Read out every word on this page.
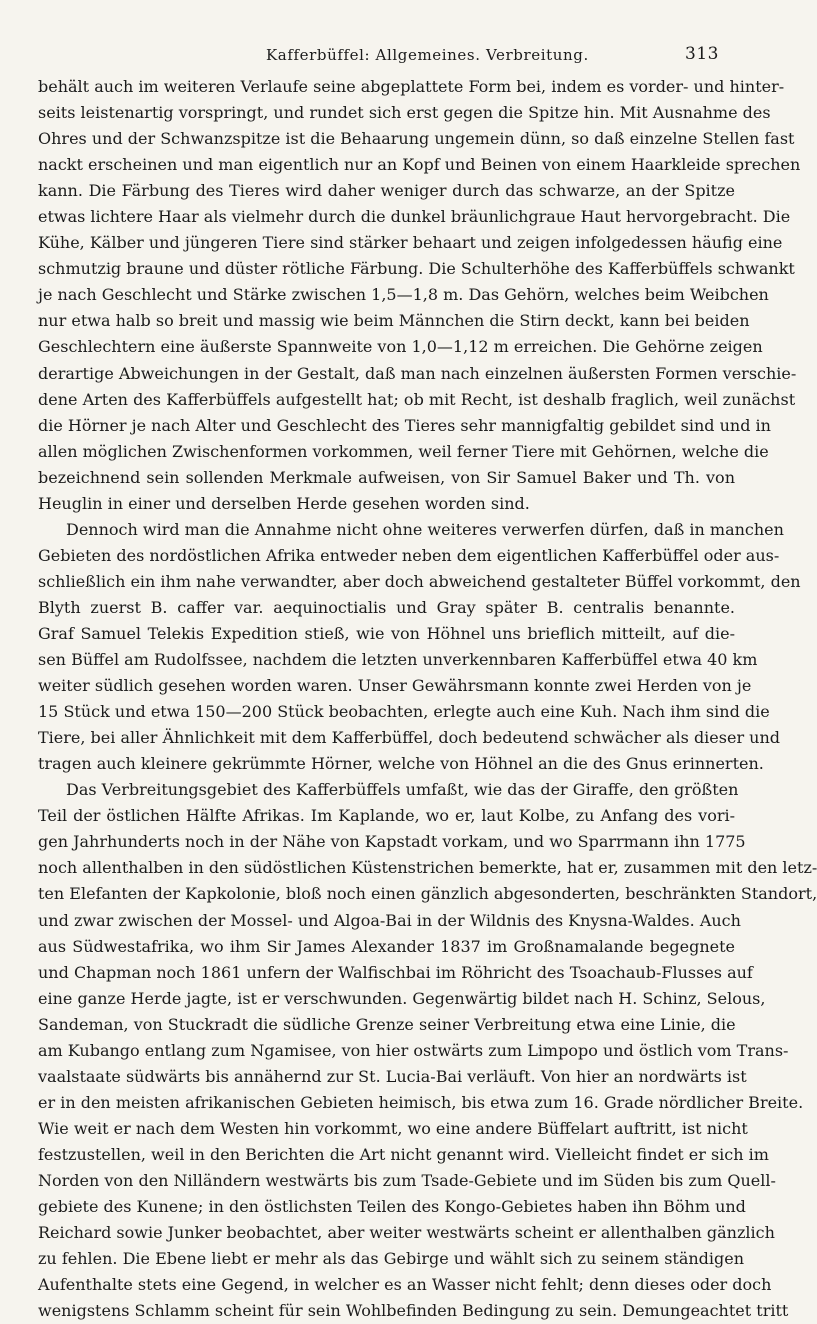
Kafferbüffel: Allgemeines. Verbreitung.	313
behält auch im weiteren Verlaufe seine abgeplattete Form bei, indem es vorder- und hinter-
seits leistenartig vorspringt, und rundet sich erst gegen die Spitze hin. Mit Ausnahme des
Ohres und der Schwanzspitze ist die Behaarung ungemein dünn, so daß einzelne Stellen fast
nackt erscheinen und man eigentlich nur an Kopf und Beinen von einem Haarkleide sprechen
kann. Die Färbung des Tieres wird daher weniger durch das schwarze, an der Spitze
etwas lichtere Haar als vielmehr durch die dunkel bräunlichgraue Haut hervorgebracht. Die
Kühe, Kälber und jüngeren Tiere sind stärker behaart und zeigen infolgedessen häufig eine
schmutzig braune und düster rötliche Färbung. Die Schulterhöhe des Kafferbüffels schwankt
je nach Geschlecht und Stärke zwischen 1,5—1,8 m. Das Gehörn, welches beim Weibchen
nur etwa halb so breit und massig wie beim Männchen die Stirn deckt, kann bei beiden
Geschlechtern eine äußerste Spannweite von 1,0—1,12 m erreichen. Die Gehörne zeigen
derartige Abweichungen in der Gestalt, daß man nach einzelnen äußersten Formen verschie-
dene Arten des Kafferbüffels aufgestellt hat; ob mit Recht, ist deshalb fraglich, weil zunächst
die Hörner je nach Alter und Geschlecht des Tieres sehr mannigfaltig gebildet sind und in
allen möglichen Zwischenformen vorkommen, weil ferner Tiere mit Gehörnen, welche die
bezeichnend sein sollenden Merkmale aufweisen, von Sir Samuel Baker und Th. von
Heuglin in einer und derselben Herde gesehen worden sind.
Dennoch wird man die Annahme nicht ohne weiteres verwerfen dürfen, daß in manchen
Gebieten des nordöstlichen Afrika entweder neben dem eigentlichen Kafferbüffel oder aus-
schließlich ein ihm nahe verwandter, aber doch abweichend gestalteter Büffel vorkommt, den
Blyth zuerst B. caffer var. aequinoctialis und Gray später B. centralis benannte.
Graf Samuel Telekis Expedition stieß, wie von Höhnel uns brieflich mitteilt, auf die-
sen Büffel am Rudolfssee, nachdem die letzten unverkennbaren Kafferbüffel etwa 40 km
weiter südlich gesehen worden waren. Unser Gewährsmann konnte zwei Herden von je
15 Stück und etwa 150—200 Stück beobachten, erlegte auch eine Kuh. Nach ihm sind die
Tiere, bei aller Ähnlichkeit mit dem Kafferbüffel, doch bedeutend schwächer als dieser und
tragen auch kleinere gekrümmte Hörner, welche von Höhnel an die des Gnus erinnerten.
Das Verbreitungsgebiet des Kafferbüffels umfaßt, wie das der Giraffe, den größten
Teil der östlichen Hälfte Afrikas. Im Kaplande, wo er, laut Kolbe, zu Anfang des vori-
gen Jahrhunderts noch in der Nähe von Kapstadt vorkam, und wo Sparrmann ihn 1775
noch allenthalben in den südöstlichen Küstenstrichen bemerkte, hat er, zusammen mit den letz-
ten Elefanten der Kapkolonie, bloß noch einen gänzlich abgesonderten, beschränkten Standort,
und zwar zwischen der Mossel- und Algoa-Bai in der Wildnis des Knysna-Waldes. Auch
aus Südwestafrika, wo ihm Sir James Alexander 1837 im Großnamalande begegnete
und Chapman noch 1861 unfern der Walfischbai im Röhricht des Tsoachaub-Flusses auf
eine ganze Herde jagte, ist er verschwunden. Gegenwärtig bildet nach H. Schinz, Selous,
Sandeman, von Stuckradt die südliche Grenze seiner Verbreitung etwa eine Linie, die
am Kubango entlang zum Ngamisee, von hier ostwärts zum Limpopo und östlich vom Trans-
vaalstaate südwärts bis annähernd zur St. Lucia-Bai verläuft. Von hier an nordwärts ist
er in den meisten afrikanischen Gebieten heimisch, bis etwa zum 16. Grade nördlicher Breite.
Wie weit er nach dem Westen hin vorkommt, wo eine andere Büffelart auftritt, ist nicht
festzustellen, weil in den Berichten die Art nicht genannt wird. Vielleicht findet er sich im
Norden von den Nilländern westwärts bis zum Tsade-Gebiete und im Süden bis zum Quell-
gebiete des Kunene; in den östlichsten Teilen des Kongo-Gebietes haben ihn Böhm und
Reichard sowie Junker beobachtet, aber weiter westwärts scheint er allenthalben gänzlich
zu fehlen. Die Ebene liebt er mehr als das Gebirge und wählt sich zu seinem ständigen
Aufenthalte stets eine Gegend, in welcher es an Wasser nicht fehlt; denn dieses oder doch
wenigstens Schlamm scheint für sein Wohlbefinden Bedingung zu sein. Demungeachtet tritt
